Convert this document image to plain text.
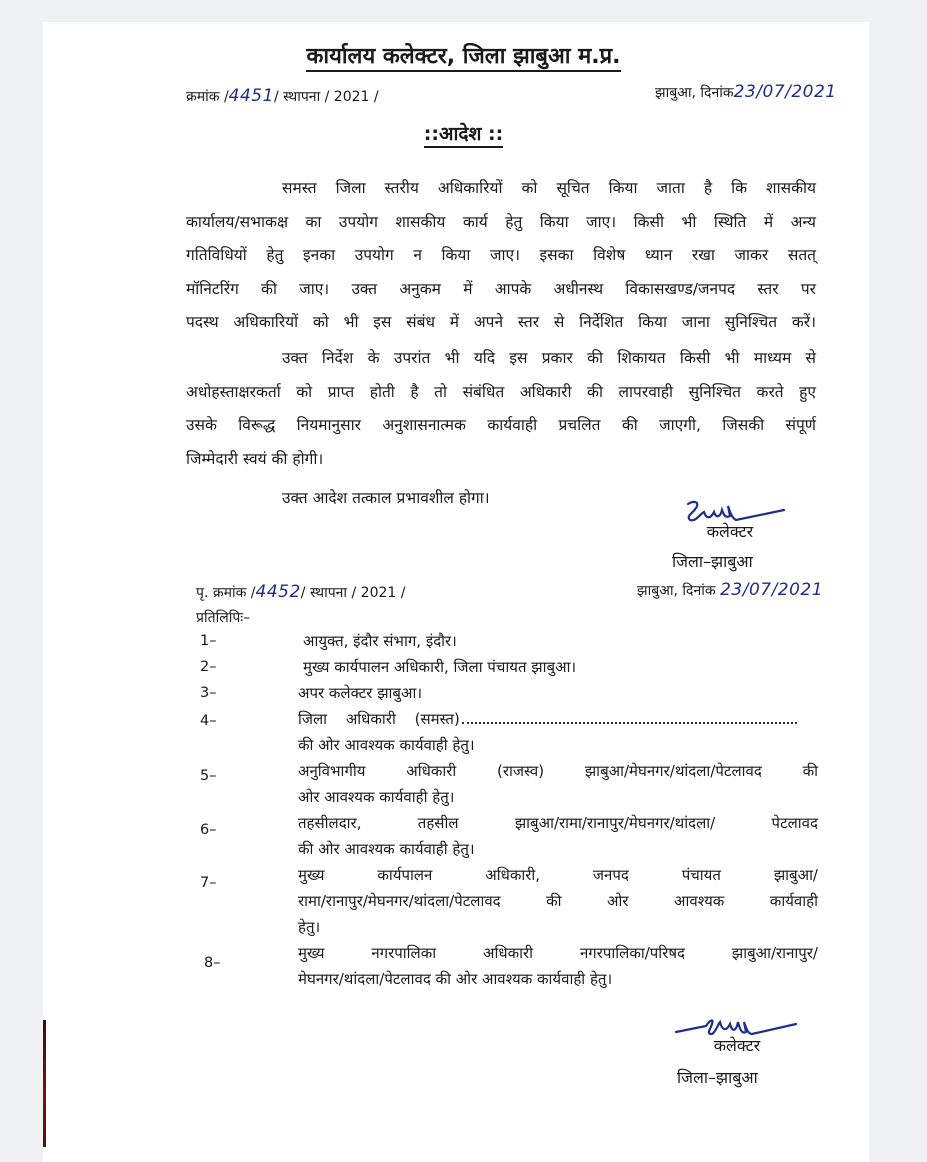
कार्यालय कलेक्टर, जिला झाबुआ म.प्र.
क्रमांक /4451/ स्थापना / 2021 /	झाबुआ, दिनांक23/07/2021
::आदेश ::
समस्त जिला स्तरीय अधिकारियों को सूचित किया जाता है कि शासकीय
कार्यालय/सभाकक्ष का उपयोग शासकीय कार्य हेतु किया जाए। किसी भी स्थिति में अन्य
गतिविधियों हेतु इनका उपयोग न किया जाए। इसका विशेष ध्यान रखा जाकर सतत्
मॉनिटरिंग की जाए। उक्त अनुकम में आपके अधीनस्थ विकासखण्ड/जनपद स्तर पर
पदस्थ अधिकारियों को भी इस संबंध में अपने स्तर से निर्देशित किया जाना सुनिश्चित करें।
उक्त निर्देश के उपरांत भी यदि इस प्रकार की शिकायत किसी भी माध्यम से
अधोहस्ताक्षरकर्ता को प्राप्त होती है तो संबंधित अधिकारी की लापरवाही सुनिश्चित करते हुए
उसके विरूद्ध नियमानुसार अनुशासनात्मक कार्यवाही प्रचलित की जाएगी, जिसकी संपूर्ण
जिम्मेदारी स्वयं की होगी।
उक्त आदेश तत्काल प्रभावशील होगा।
कलेक्टर
जिला–झाबुआ
झाबुआ, दिनांक 23/07/2021
पृ. क्रमांक /4452/ स्थापना / 2021 /
प्रतिलिपिः–
1–	आयुक्त, इंदौर संभाग, इंदौर।
2–	मुख्य कार्यपालन अधिकारी, जिला पंचायत झाबुआ।
3–	अपर कलेक्टर झाबुआ।
4–	जिला अधिकारी (समस्त)
की ओर आवश्यक कार्यवाही हेतु।
5–	अनुविभागीय अधिकारी (राजस्व) झाबुआ/मेघनगर/थांदला/पेटलावद की
ओर आवश्यक कार्यवाही हेतु।
6–	तहसीलदार, तहसील झाबुआ/रामा/रानापुर/मेघनगर/थांदला/ पेटलावद
की ओर आवश्यक कार्यवाही हेतु।
7–	मुख्य कार्यपालन अधिकारी, जनपद पंचायत झाबुआ/
रामा/रानापुर/मेघनगर/थांदला/पेटलावद की ओर आवश्यक कार्यवाही
हेतु।
8–
मुख्य नगरपालिका अधिकारी नगरपालिका/परिषद झाबुआ/रानापुर/
मेघनगर/थांदला/पेटलावद की ओर आवश्यक कार्यवाही हेतु।
कलेक्टर
जिला–झाबुआ
